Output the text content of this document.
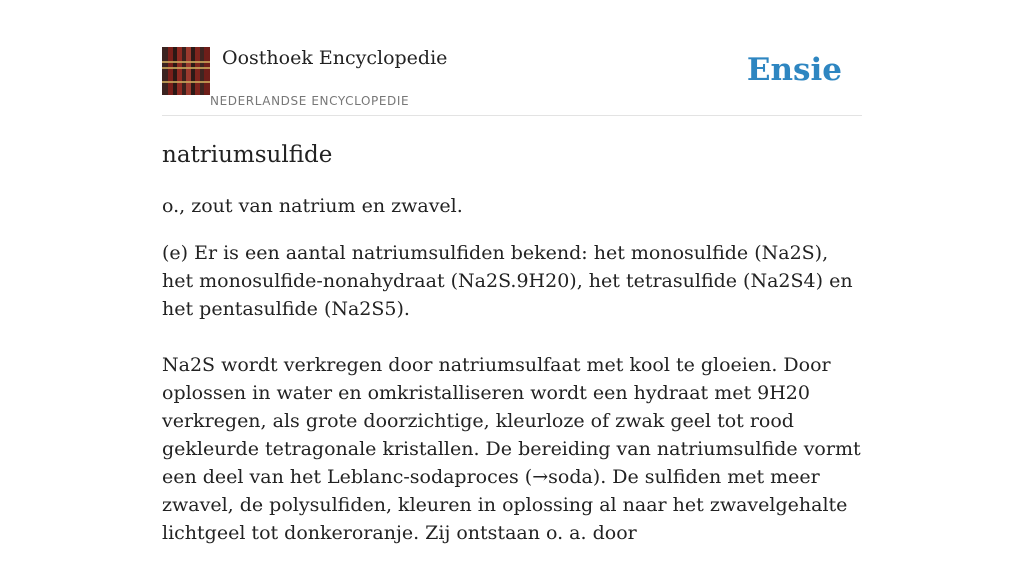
Oosthoek Encyclopedie
NEDERLANDSE ENCYCLOPEDIE
Ensie
natriumsulfide

o., zout van natrium en zwavel.

(e) Er is een aantal natriumsulfiden bekend: het monosulfide (Na2S), het monosulfide-nonahydraat (Na2S.9H20), het tetrasulfide (Na2S4) en het pentasulfide (Na2S5).

Na2S wordt verkregen door natriumsulfaat met kool te gloeien. Door oplossen in water en omkristalliseren wordt een hydraat met 9H20 verkregen, als grote doorzichtige, kleurloze of zwak geel tot rood gekleurde tetragonale kristallen. De bereiding van natriumsulfide vormt een deel van het Leblanc-sodaproces (→soda). De sulfiden met meer zwavel, de polysulfiden, kleuren in oplossing al naar het zwavelgehalte lichtgeel tot donkeroranje. Zij ontstaan o. a. door
